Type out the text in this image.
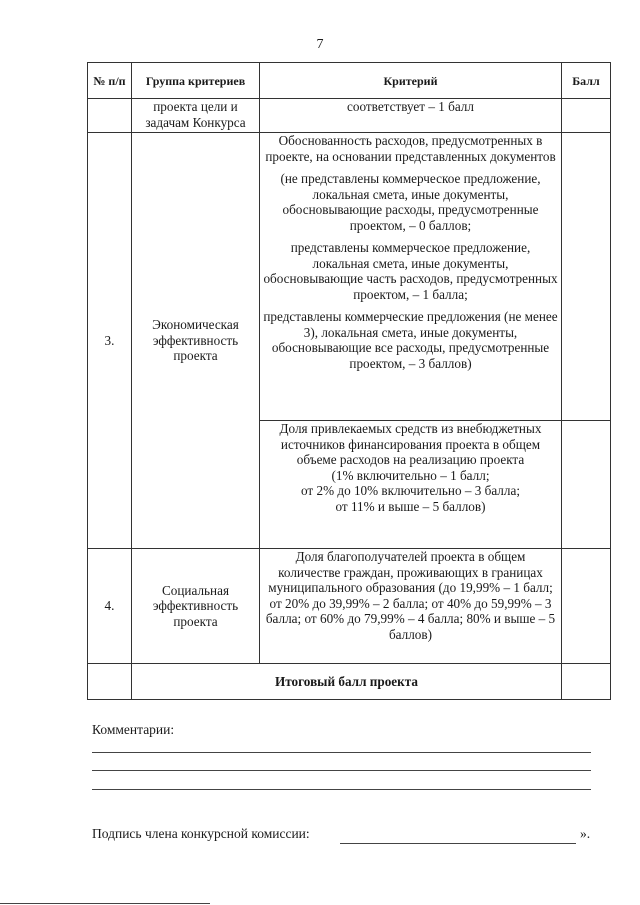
7
№ п/п	Группа критериев	Критерий	Балл
	проекта цели и задачам Конкурса	соответствует – 1 балл	
3.	Экономическая эффективность проекта	Обоснованность расходов, предусмотренных в проекте, на основании представленных документов

(не представлены коммерческое предложение, локальная смета, иные документы, обосновывающие расходы, предусмотренные проектом, – 0 баллов;

представлены коммерческое предложение, локальная смета, иные документы, обосновывающие часть расходов, предусмотренных проектом, – 1 балла;

представлены коммерческие предложения (не менее 3), локальная смета, иные документы, обосновывающие все расходы, предусмотренные проектом, – 3 баллов)	

		Доля привлекаемых средств из внебюджетных источников финансирования проекта в общем объеме расходов на реализацию проекта

(1% включительно – 1 балл;

от 2% до 10% включительно – 3 балла;

от 11% и выше – 5 баллов)	

4.	Социальная эффективность проекта	Доля благополучателей проекта в общем количестве граждан, проживающих в границах муниципального образования (до 19,99% – 1 балл; от 20% до 39,99% – 2 балла; от 40% до 59,99% – 3 балла; от 60% до 79,99% – 4 балла; 80% и выше – 5 баллов)	
	Итоговый балл проекта		
Комментарии:
Подпись члена конкурсной комиссии:	».
